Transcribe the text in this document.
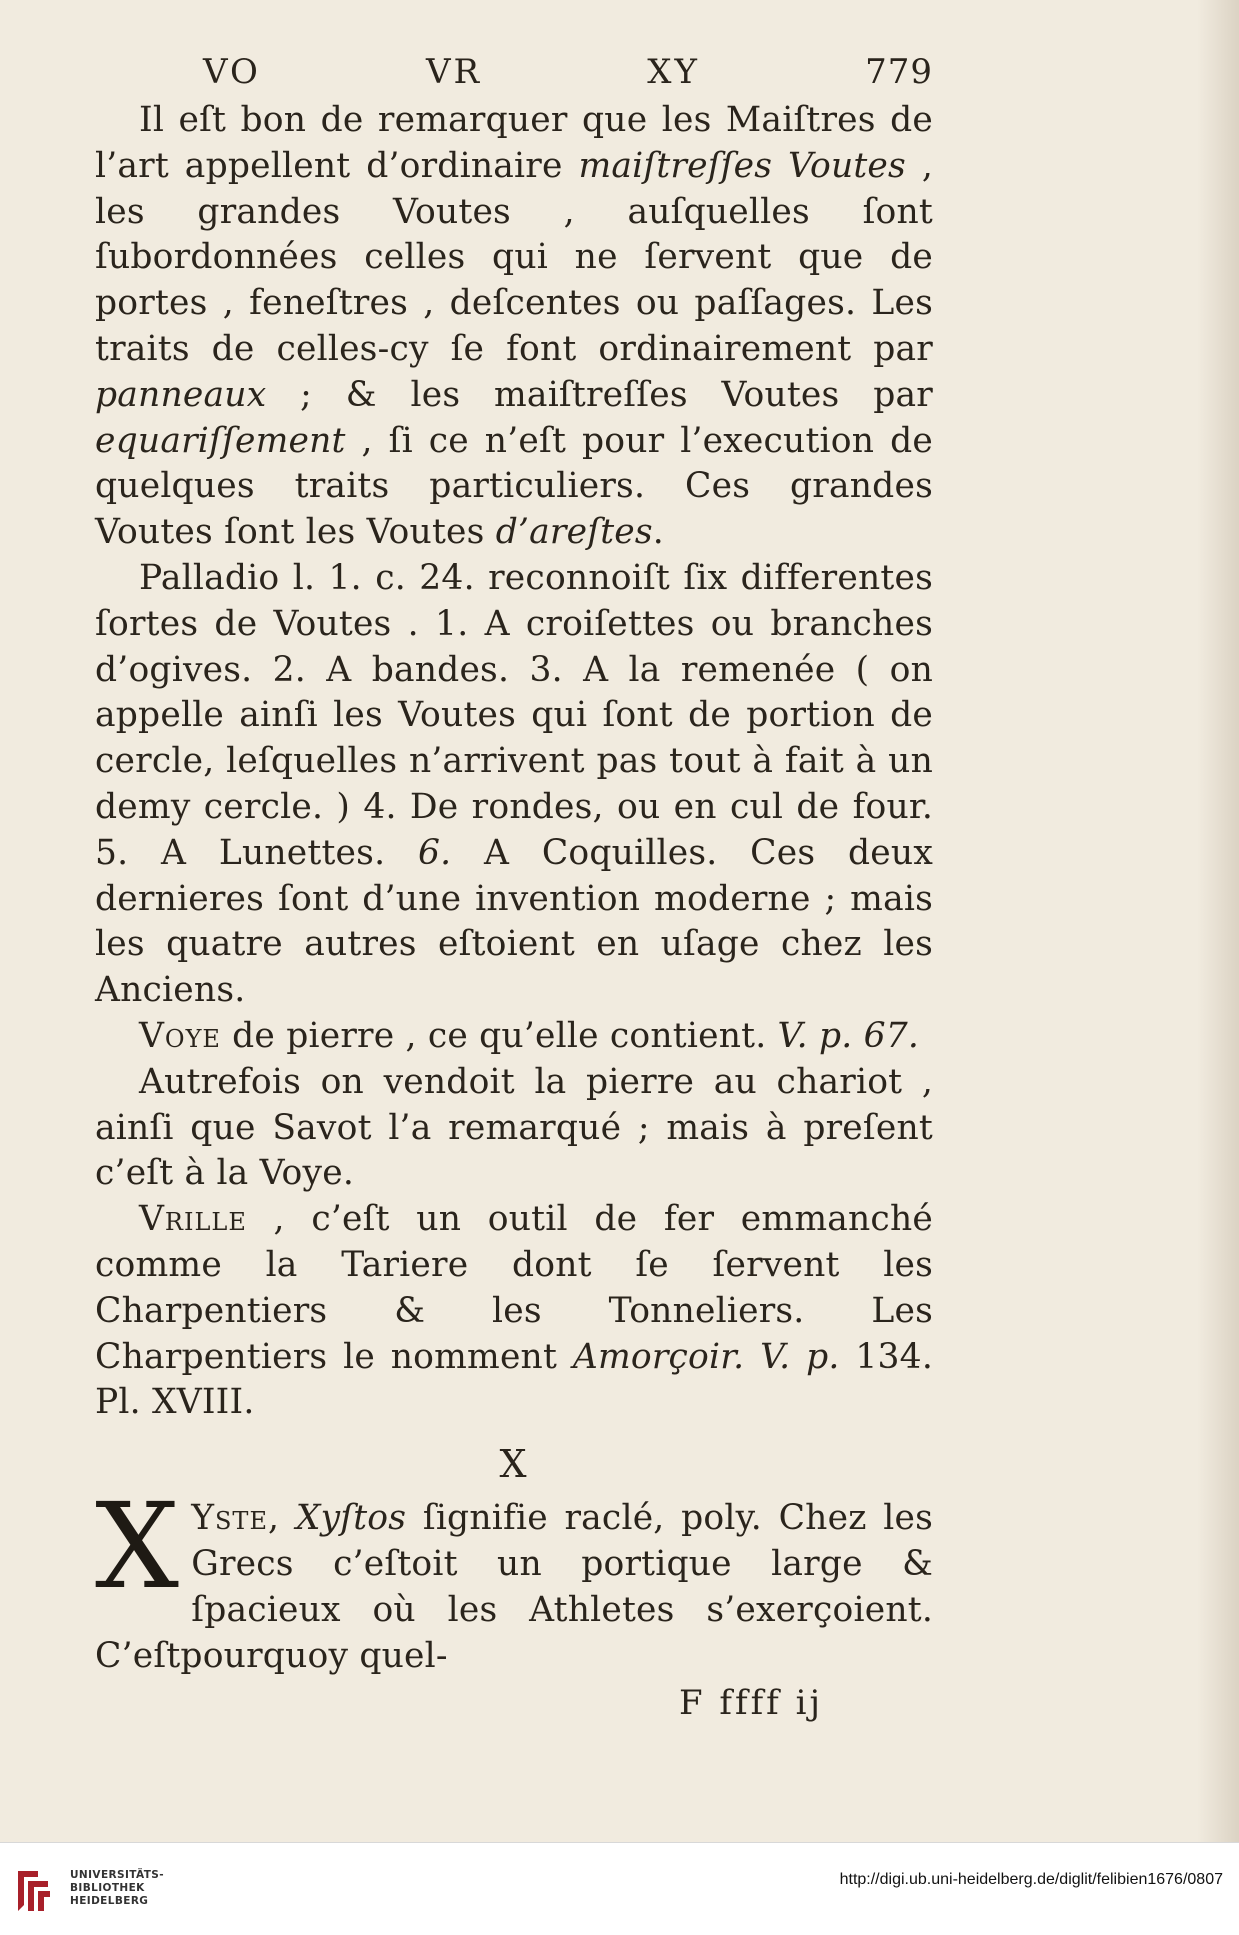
VO	VR	XY	779

Il eſt bon de remarquer que les Maiſtres de l’art appellent d’ordinaire maiſtreſſes Voutes , les grandes Voutes , auſquelles ſont ſubordonnées celles qui ne ſervent que de portes , feneſtres , deſcentes ou paſſages. Les traits de celles-cy ſe font ordinairement par panneaux ; & les maiſtreſſes Voutes par equariſſement , ſi ce n’eſt pour l’execution de quelques traits particuliers. Ces grandes Voutes ſont les Voutes d’areſtes.

Palladio l. 1. c. 24. reconnoiſt ſix differentes ſortes de Voutes . 1. A croiſettes ou branches d’ogives. 2. A bandes. 3. A la remenée ( on appelle ainſi les Voutes qui ſont de portion de cercle, leſquelles n’arrivent pas tout à fait à un demy cercle. ) 4. De rondes, ou en cul de four. 5. A Lunettes. 6. A Coquilles. Ces deux dernieres ſont d’une invention moderne ; mais les quatre autres eſtoient en uſage chez les Anciens.

Voye de pierre , ce qu’elle contient. V. p. 67.

Autrefois on vendoit la pierre au chariot , ainſi que Savot l’a remarqué ; mais à preſent c’eſt à la Voye.

Vrille , c’eſt un outil de fer emmanché comme la Tariere dont ſe ſervent les Charpentiers & les Tonneliers. Les Charpentiers le nomment Amorçoir. V. p. 134. Pl. XVIII.

X

X Yste, Xyſtos ſignifie raclé, poly. Chez les Grecs c’eſtoit un portique large & ſpacieux où les Athletes s’exerçoient. C’eſtpourquoy quel-

F ffff ij
UNIVERSITÄTS-
BIBLIOTHEK
HEIDELBERG
http://digi.ub.uni-heidelberg.de/diglit/felibien1676/0807
